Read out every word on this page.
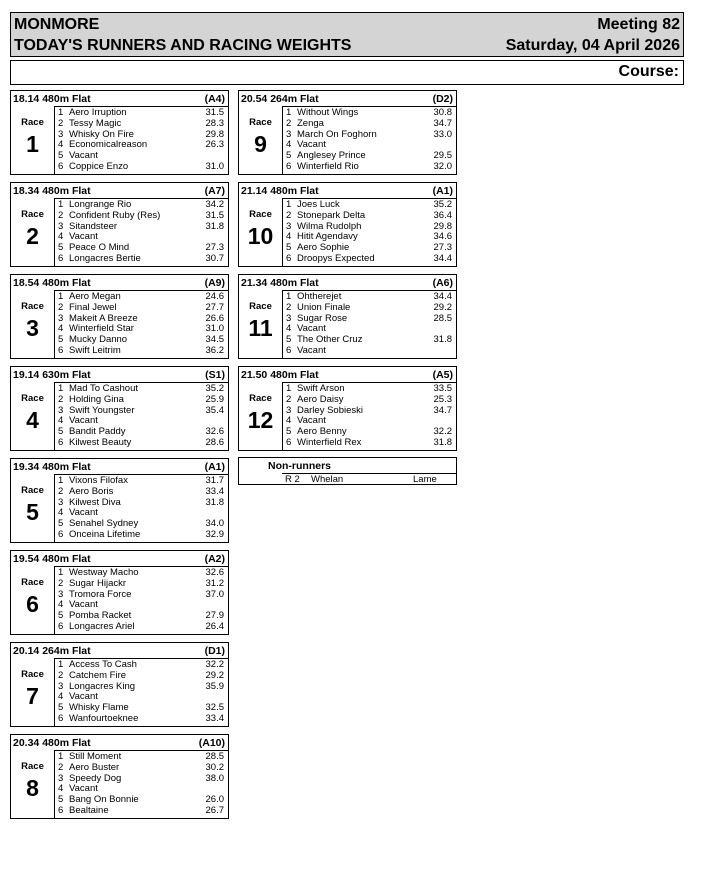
MONMORE
TODAY'S RUNNERS AND RACING WEIGHTS
Meeting 82
Saturday, 04 April 2026
Course:
18.14 480m Flat	(A4)
Race
1
1 Aero Irruption	31.5
2 Tessy Magic	28.3
3 Whisky On Fire	29.8
4 Economicalreason	26.3
5 Vacant
6 Coppice Enzo	31.0
18.34 480m Flat	(A7)
Race
2
1 Longrange Rio	34.2
2 Confident Ruby (Res)	31.5
3 Sitandsteer	31.8
4 Vacant
5 Peace O Mind	27.3
6 Longacres Bertie	30.7
18.54 480m Flat	(A9)
Race
3
1 Aero Megan	24.6
2 Final Jewel	27.7
3 Makeit A Breeze	26.6
4 Winterfield Star	31.0
5 Mucky Danno	34.5
6 Swift Leitrim	36.2
19.14 630m Flat	(S1)
Race
4
1 Mad To Cashout	35.2
2 Holding Gina	25.9
3 Swift Youngster	35.4
4 Vacant
5 Bandit Paddy	32.6
6 Kilwest Beauty	28.6
19.34 480m Flat	(A1)
Race
5
1 Vixons Filofax	31.7
2 Aero Boris	33.4
3 Kilwest Diva	31.8
4 Vacant
5 Senahel Sydney	34.0
6 Onceina Lifetime	32.9
19.54 480m Flat	(A2)
Race
6
1 Westway Macho	32.6
2 Sugar Hijackr	31.2
3 Tromora Force	37.0
4 Vacant
5 Pomba Racket	27.9
6 Longacres Ariel	26.4
20.14 264m Flat	(D1)
Race
7
1 Access To Cash	32.2
2 Catchem Fire	29.2
3 Longacres King	35.9
4 Vacant
5 Whisky Flame	32.5
6 Wanfourtoeknee	33.4
20.34 480m Flat	(A10)
Race
8
1 Still Moment	28.5
2 Aero Buster	30.2
3 Speedy Dog	38.0
4 Vacant
5 Bang On Bonnie	26.0
6 Bealtaine	26.7
20.54 264m Flat	(D2)
Race
9
1 Without Wings	30.8
2 Zenga	34.7
3 March On Foghorn	33.0
4 Vacant
5 Anglesey Prince	29.5
6 Winterfield Rio	32.0
21.14 480m Flat	(A1)
Race
10
1 Joes Luck	35.2
2 Stonepark Delta	36.4
3 Wilma Rudolph	29.8
4 Hitit Agendavy	34.6
5 Aero Sophie	27.3
6 Droopys Expected	34.4
21.34 480m Flat	(A6)
Race
11
1 Ohtherejet	34.4
2 Union Finale	29.2
3 Sugar Rose	28.5
4 Vacant
5 The Other Cruz	31.8
6 Vacant
21.50 480m Flat	(A5)
Race
12
1 Swift Arson	33.5
2 Aero Daisy	25.3
3 Darley Sobieski	34.7
4 Vacant
5 Aero Benny	32.2
6 Winterfield Rex	31.8
Non-runners
R 2 Whelan	Lame
